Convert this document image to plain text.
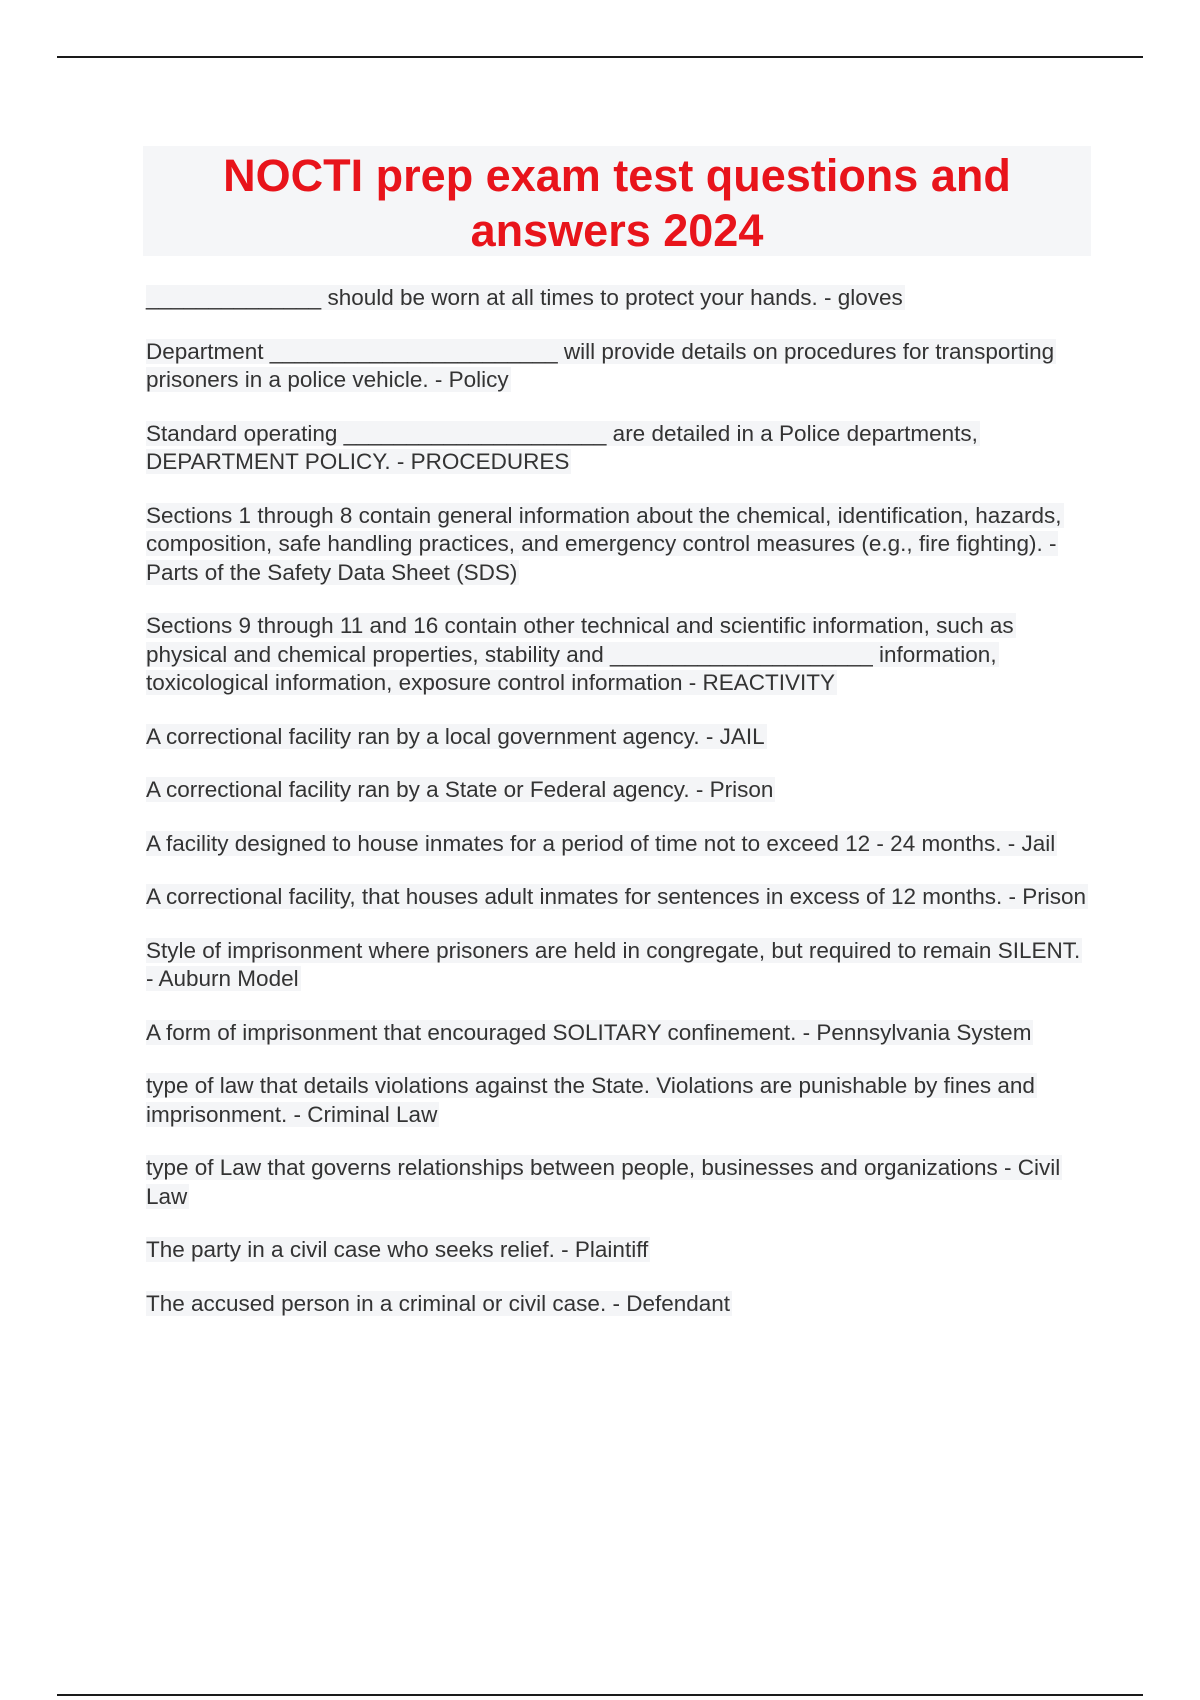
NOCTI prep exam test questions and
answers 2024
______________ should be worn at all times to protect your hands. - gloves
Department _______________________ will provide details on procedures for transporting prisoners in a police vehicle. - Policy
Standard operating _____________________ are detailed in a Police departments, DEPARTMENT POLICY. - PROCEDURES
Sections 1 through 8 contain general information about the chemical, identification, hazards, composition, safe handling practices, and emergency control measures (e.g., fire fighting). - Parts of the Safety Data Sheet (SDS)
Sections 9 through 11 and 16 contain other technical and scientific information, such as physical and chemical properties, stability and _____________________ information, toxicological information, exposure control information - REACTIVITY
A correctional facility ran by a local government agency. - JAIL
A correctional facility ran by a State or Federal agency. - Prison
A facility designed to house inmates for a period of time not to exceed 12 - 24 months. - Jail
A correctional facility, that houses adult inmates for sentences in excess of 12 months. - Prison
Style of imprisonment where prisoners are held in congregate, but required to remain SILENT. - Auburn Model
A form of imprisonment that encouraged SOLITARY confinement. - Pennsylvania System
type of law that details violations against the State. Violations are punishable by fines and imprisonment. - Criminal Law
type of Law that governs relationships between people, businesses and organizations - Civil Law
The party in a civil case who seeks relief. - Plaintiff
The accused person in a criminal or civil case. - Defendant
